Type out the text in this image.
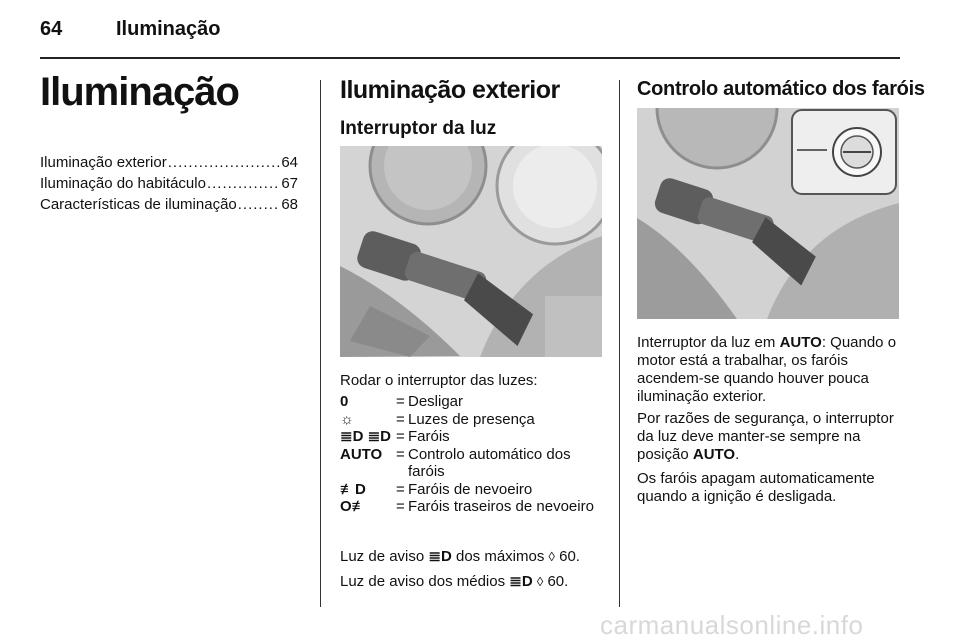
64	Iluminação
Iluminação
Iluminação exterior .....	64
Iluminação do habitáculo .....	67
Características de iluminação .....	68
Iluminação exterior
Interruptor da luz
Rodar o interruptor das luzes:
0	= Desligar
☼	= Luzes de presença
≣D ≣D = Faróis
AUTO = Controlo automático dos faróis
≢D	= Faróis de nevoeiro
O≢	= Faróis traseiros de nevoeiro
Luz de aviso ≣D dos máximos ◊ 60.
Luz de aviso dos médios ≣D ◊ 60.
Controlo automático dos faróis
Interruptor da luz em AUTO: Quando o motor está a trabalhar, os faróis acendem-se quando houver pouca iluminação exterior.
Por razões de segurança, o interruptor da luz deve manter-se sempre na posição AUTO.
Os faróis apagam automaticamente quando a ignição é desligada.
carmanualsonline.info
